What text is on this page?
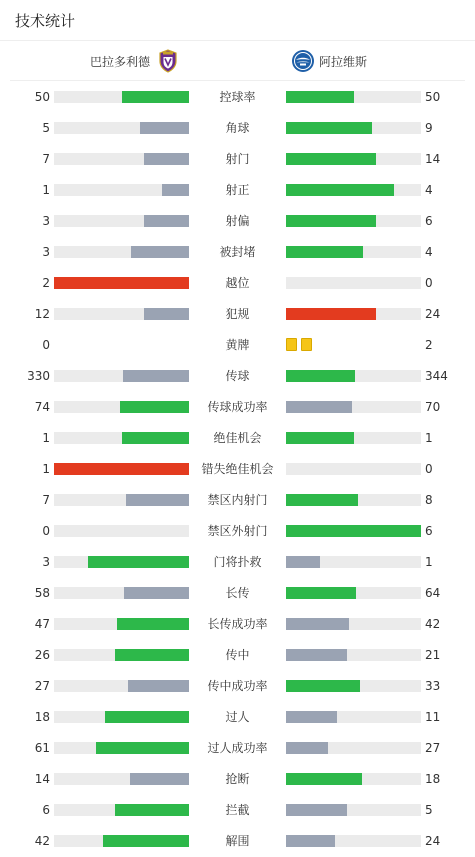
技术统计
巴拉多利德	阿拉维斯
50	控球率	50
5	角球	9
7	射门	14
1	射正	4
3	射偏	6
3	被封堵	4
2	越位	0
12	犯规	24
0	黄牌	2
330	传球	344
74	传球成功率	70
1	绝佳机会	1
1	错失绝佳机会	0
7	禁区内射门	8
0	禁区外射门	6
3	门将扑救	1
58	长传	64
47	长传成功率	42
26	传中	21
27	传中成功率	33
18	过人	11
61	过人成功率	27
14	抢断	18
6	拦截	5
42	解围	24
